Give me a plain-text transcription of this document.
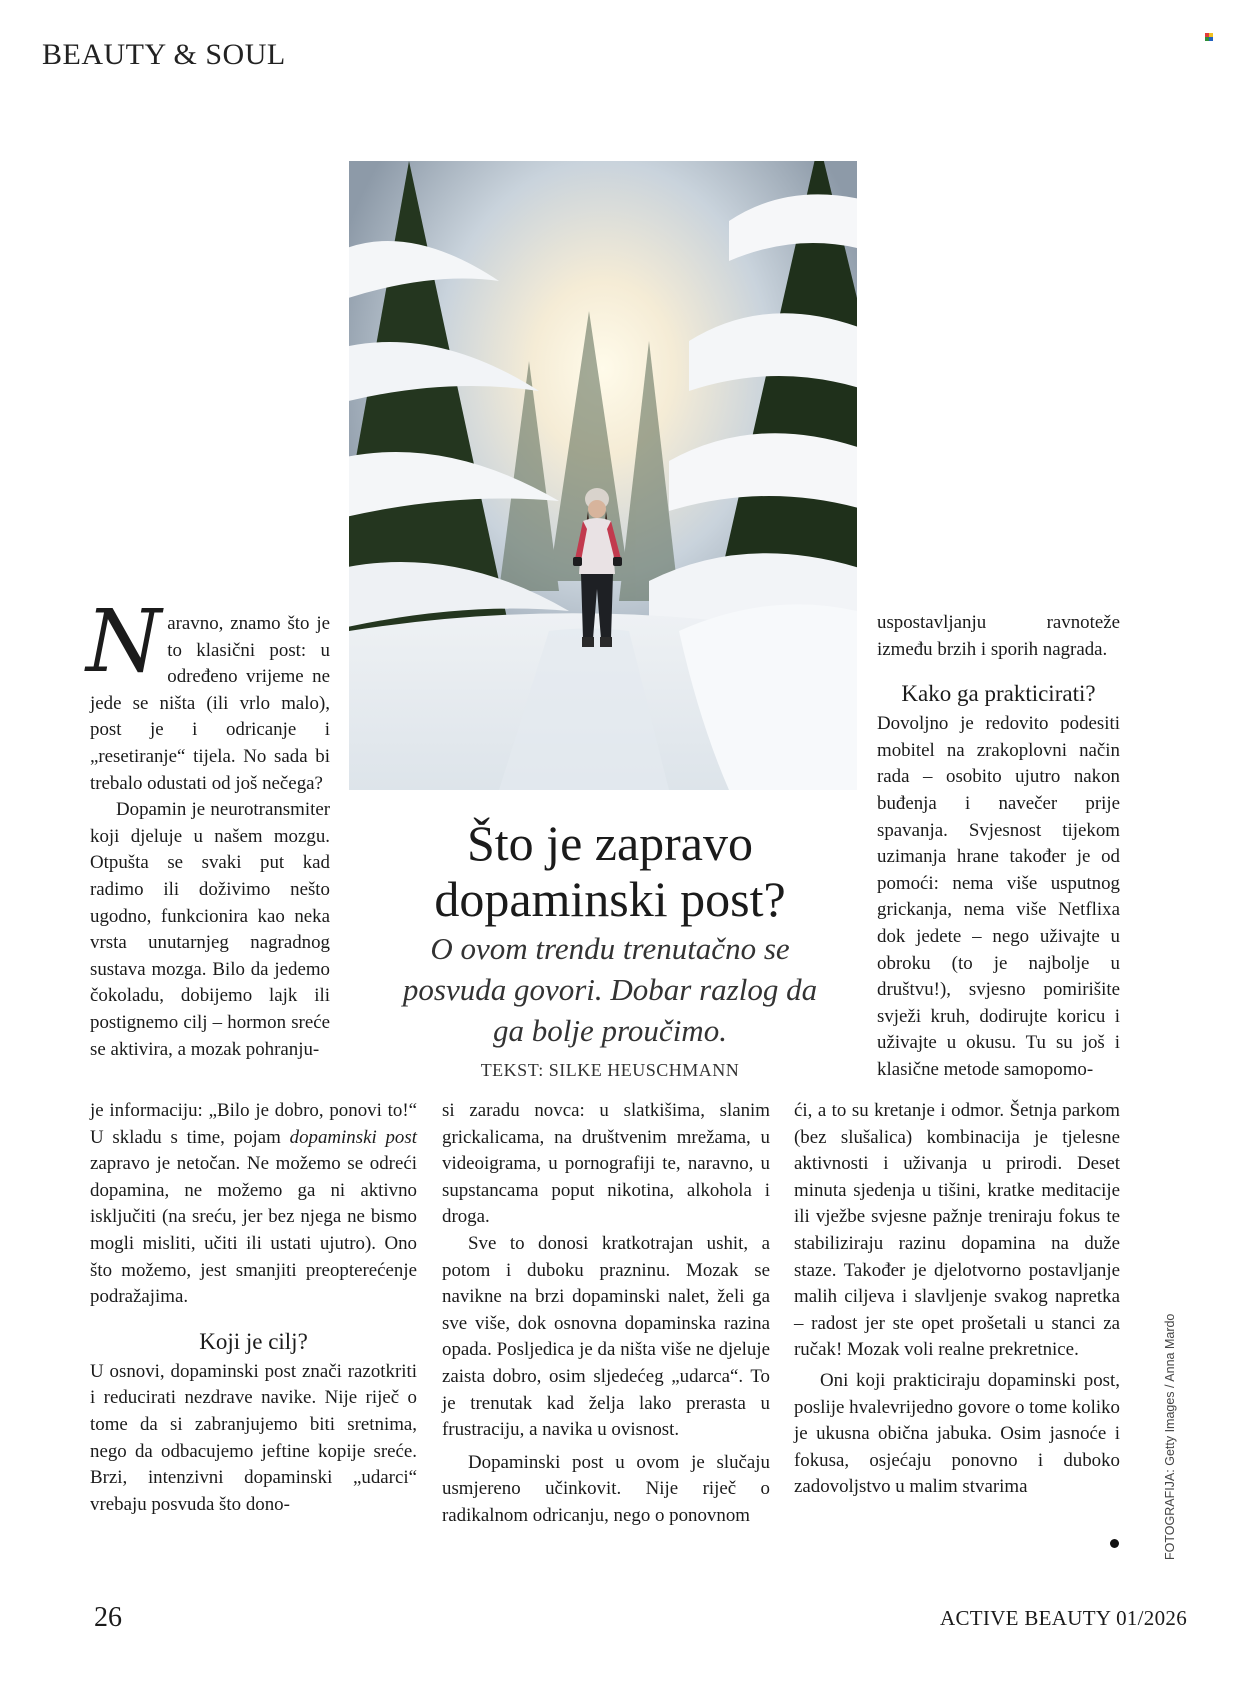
BEAUTY & SOUL

Naravno, znamo što je to klasični post: u određeno vrijeme ne jede se ništa (ili vrlo malo), post je i odricanje i „resetiranje“ tijela. No sada bi trebalo odustati od još nečega?

Dopamin je neurotransmiter koji djeluje u našem mozgu. Otpušta se svaki put kad radimo ili doživimo nešto ugodno, funkcionira kao neka vrsta unutarnjeg nagradnog sustava mozga. Bilo da jedemo čokoladu, dobijemo lajk ili postignemo cilj – hormon sreće se aktivira, a mozak pohranju-

je informaciju: „Bilo je dobro, ponovi to!“ U skladu s time, pojam dopaminski post zapravo je netočan. Ne možemo se odreći dopamina, ne možemo ga ni aktivno isključiti (na sreću, jer bez njega ne bismo mogli misliti, učiti ili ustati ujutro). Ono što možemo, jest smanjiti preopterećenje podražajima.

Koji je cilj?

U osnovi, dopaminski post znači razotkriti i reducirati nezdrave navike. Nije riječ o tome da si zabranjujemo biti sretnima, nego da odbacujemo jeftine kopije sreće. Brzi, intenzivni dopaminski „udarci“ vrebaju posvuda što dono-

Što je zapravo
dopaminski post?
O ovom trendu trenutačno se posvuda govori. Dobar razlog da ga bolje proučimo.
TEKST: SILKE HEUSCHMANN

si zaradu novca: u slatkišima, slanim grickalicama, na društvenim mrežama, u videoigrama, u pornografiji te, naravno, u supstancama poput nikotina, alkohola i droga.

Sve to donosi kratkotrajan ushit, a potom i duboku prazninu. Mozak se navikne na brzi dopaminski nalet, želi ga sve više, dok osnovna dopaminska razina opada. Posljedica je da ništa više ne djeluje zaista dobro, osim sljedećeg „udarca“. To je trenutak kad želja lako prerasta u frustraciju, a navika u ovisnost.

Dopaminski post u ovom je slučaju usmjereno učinkovit. Nije riječ o radikalnom odricanju, nego o ponovnom

uspostavljanju ravnoteže između brzih i sporih nagrada.

Kako ga prakticirati?

Dovoljno je redovito podesiti mobitel na zrakoplovni način rada – osobito ujutro nakon buđenja i navečer prije spavanja. Svjesnost tijekom uzimanja hrane također je od pomoći: nema više usputnog grickanja, nema više Netflixa dok jedete – nego uživajte u obroku (to je najbolje u društvu!), svjesno pomirišite svježi kruh, dodirujte koricu i uživajte u okusu. Tu su još i klasične metode samopomo-

ći, a to su kretanje i odmor. Šetnja parkom (bez slušalica) kombinacija je tjelesne aktivnosti i uživanja u prirodi. Deset minuta sjedenja u tišini, kratke meditacije ili vježbe svjesne pažnje treniraju fokus te stabiliziraju razinu dopamina na duže staze. Također je djelotvorno postavljanje malih ciljeva i slavljenje svakog napretka – radost jer ste opet prošetali u stanci za ručak! Mozak voli realne prekretnice.

Oni koji prakticiraju dopaminski post, poslije hvalevrijedno govore o tome koliko je ukusna obična jabuka. Osim jasnoće i fokusa, osjećaju ponovno i duboko zadovoljstvo u malim stvarima	FOTOGRAFIJA: Getty Images / Anna Mardo
26	ACTIVE BEAUTY 01/2026
